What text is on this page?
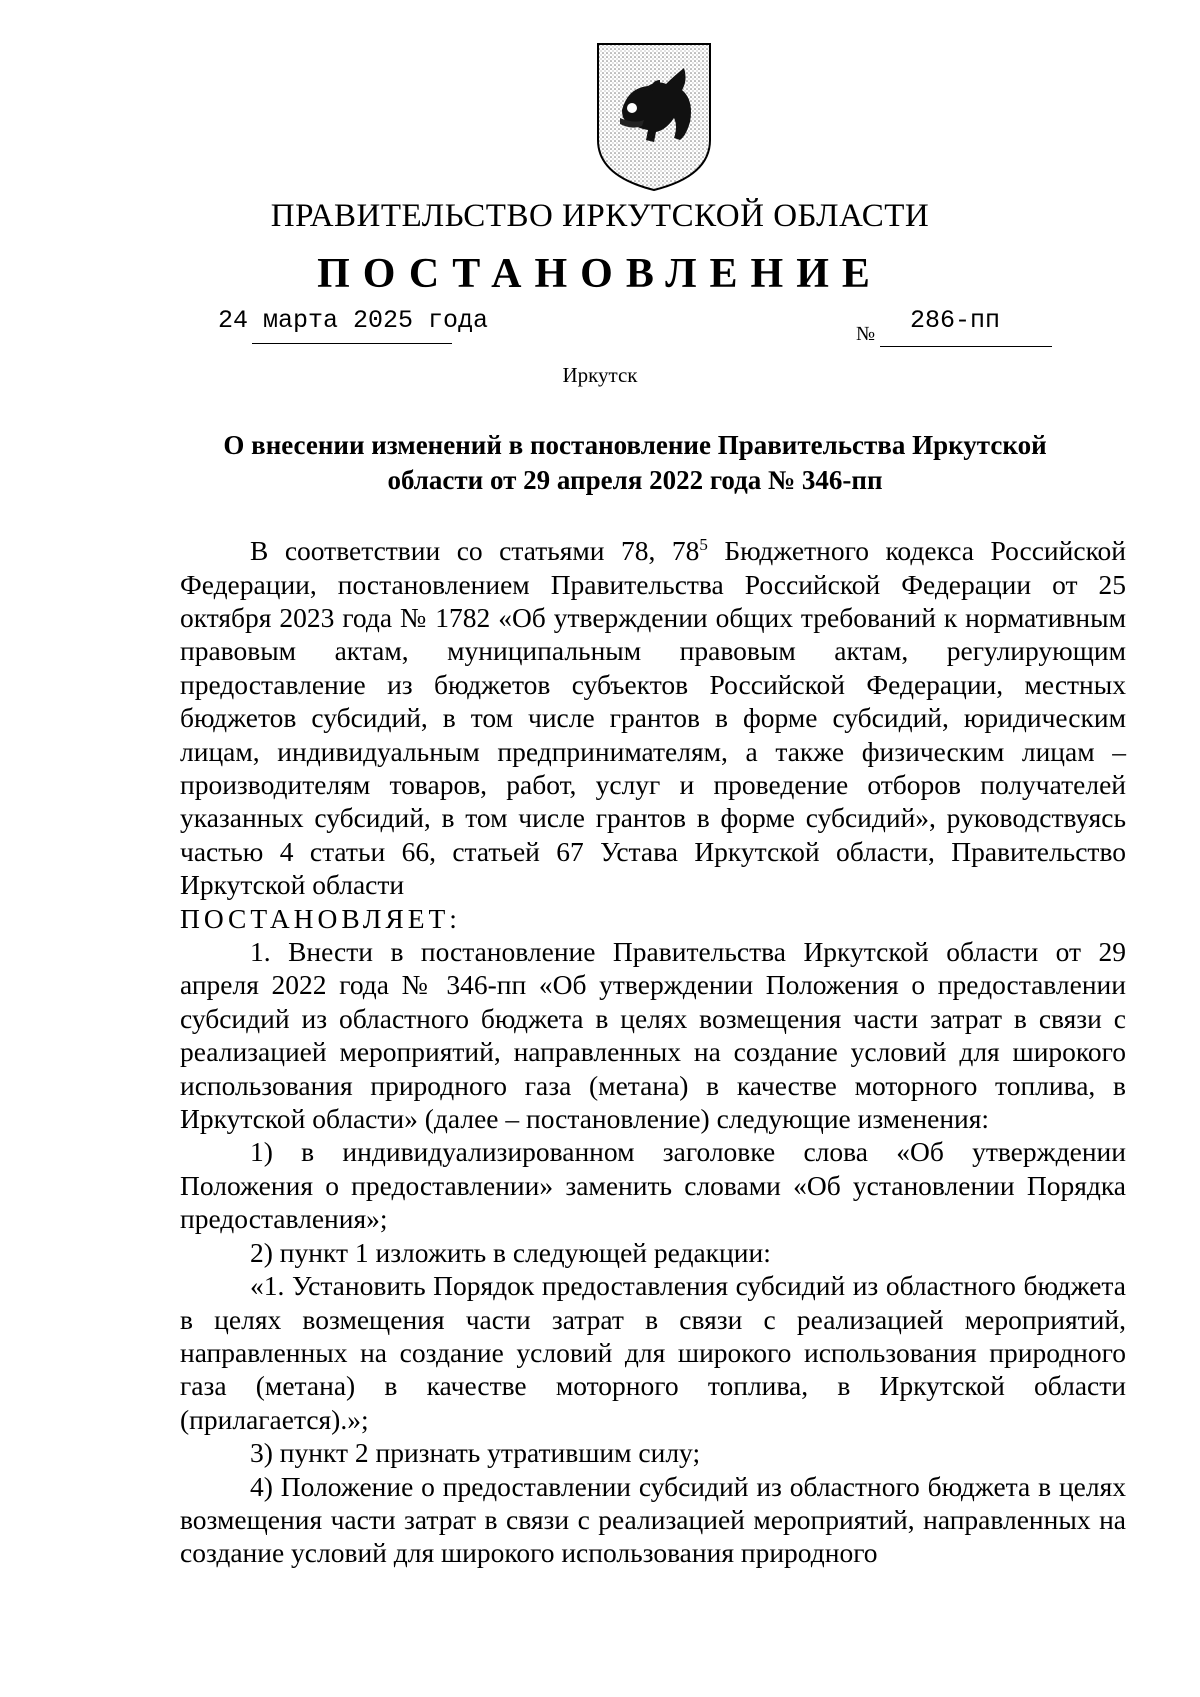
ПРАВИТЕЛЬСТВО ИРКУТСКОЙ ОБЛАСТИ
ПОСТАНОВЛЕНИЕ
24 марта 2025 года	№ 286-пп
Иркутск
О внесении изменений в постановление Правительства Иркутской
области от 29 апреля 2022 года № 346-пп

В соответствии со статьями 78, $78^5$ Бюджетного кодекса Российской Федерации, постановлением Правительства Российской Федерации от 25 октября 2023 года № 1782 «Об утверждении общих требований к нормативным правовым актам, муниципальным правовым актам, регулирующим предоставление из бюджетов субъектов Российской Федерации, местных бюджетов субсидий, в том числе грантов в форме субсидий, юридическим лицам, индивидуальным предпринимателям, а также физическим лицам – производителям товаров, работ, услуг и проведение отборов получателей указанных субсидий, в том числе грантов в форме субсидий», руководствуясь частью 4 статьи 66, статьей 67 Устава Иркутской области, Правительство Иркутской области

ПОСТАНОВЛЯЕТ:

1. Внести в постановление Правительства Иркутской области от 29 апреля 2022 года № 346-пп «Об утверждении Положения о предоставлении субсидий из областного бюджета в целях возмещения части затрат в связи с реализацией мероприятий, направленных на создание условий для широкого использования природного газа (метана) в качестве моторного топлива, в Иркутской области» (далее – постановление) следующие изменения:

1) в индивидуализированном заголовке слова «Об утверждении Положения о предоставлении» заменить словами «Об установлении Порядка предоставления»;

2) пункт 1 изложить в следующей редакции:

«1. Установить Порядок предоставления субсидий из областного бюджета в целях возмещения части затрат в связи с реализацией мероприятий, направленных на создание условий для широкого использования природного газа (метана) в качестве моторного топлива, в Иркутской области (прилагается).»;

3) пункт 2 признать утратившим силу;

4) Положение о предоставлении субсидий из областного бюджета в целях возмещения части затрат в связи с реализацией мероприятий, направленных на создание условий для широкого использования природного
